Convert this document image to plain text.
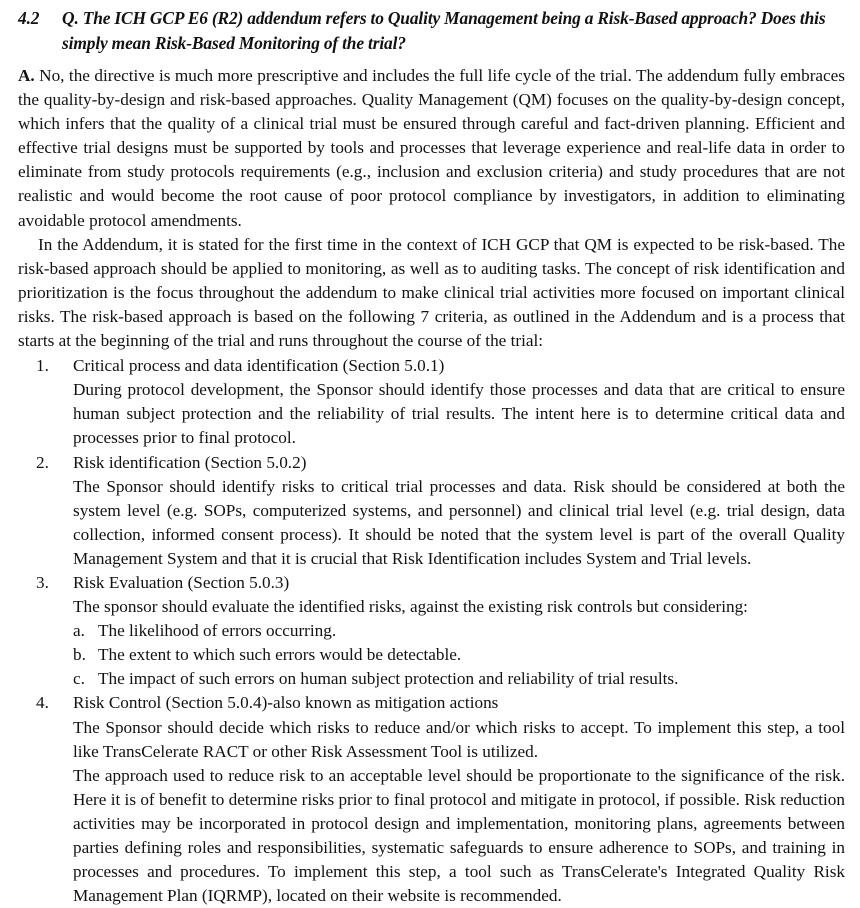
4.2	Q. The ICH GCP E6 (R2) addendum refers to Quality Management being a Risk-Based approach? Does this simply mean Risk-Based Monitoring of the trial?

A. No, the directive is much more prescriptive and includes the full life cycle of the trial. The addendum fully embraces the quality-by-design and risk-based approaches. Quality Management (QM) focuses on the quality-by-design concept, which infers that the quality of a clinical trial must be ensured through careful and fact-driven planning. Efficient and effective trial designs must be supported by tools and processes that leverage experience and real-life data in order to eliminate from study protocols requirements (e.g., inclusion and exclusion criteria) and study procedures that are not realistic and would become the root cause of poor protocol compliance by investigators, in addition to eliminating avoidable protocol amendments.

In the Addendum, it is stated for the first time in the context of ICH GCP that QM is expected to be risk-based. The risk-based approach should be applied to monitoring, as well as to auditing tasks. The concept of risk identification and prioritization is the focus throughout the addendum to make clinical trial activities more focused on important clinical risks. The risk-based approach is based on the following 7 criteria, as outlined in the Addendum and is a process that starts at the beginning of the trial and runs throughout the course of the trial:

1.	Critical process and data identification (Section 5.0.1)
During protocol development, the Sponsor should identify those processes and data that are critical to ensure human subject protection and the reliability of trial results. The intent here is to determine critical data and processes prior to final protocol.
2.	Risk identification (Section 5.0.2)
The Sponsor should identify risks to critical trial processes and data. Risk should be considered at both the system level (e.g. SOPs, computerized systems, and personnel) and clinical trial level (e.g. trial design, data collection, informed consent process). It should be noted that the system level is part of the overall Quality Management System and that it is crucial that Risk Identification includes System and Trial levels.
3.	Risk Evaluation (Section 5.0.3)
The sponsor should evaluate the identified risks, against the existing risk controls but considering:
a. The likelihood of errors occurring.
b. The extent to which such errors would be detectable.
c. The impact of such errors on human subject protection and reliability of trial results.
4.	Risk Control (Section 5.0.4)-also known as mitigation actions
The Sponsor should decide which risks to reduce and/or which risks to accept. To implement this step, a tool like TransCelerate RACT or other Risk Assessment Tool is utilized.
The approach used to reduce risk to an acceptable level should be proportionate to the significance of the risk. Here it is of benefit to determine risks prior to final protocol and mitigate in protocol, if possible. Risk reduction activities may be incorporated in protocol design and implementation, monitoring plans, agreements between parties defining roles and responsibilities, systematic safeguards to ensure adherence to SOPs, and training in processes and procedures. To implement this step, a tool such as TransCelerate's Integrated Quality Risk Management Plan (IQRMP), located on their website is recommended.
